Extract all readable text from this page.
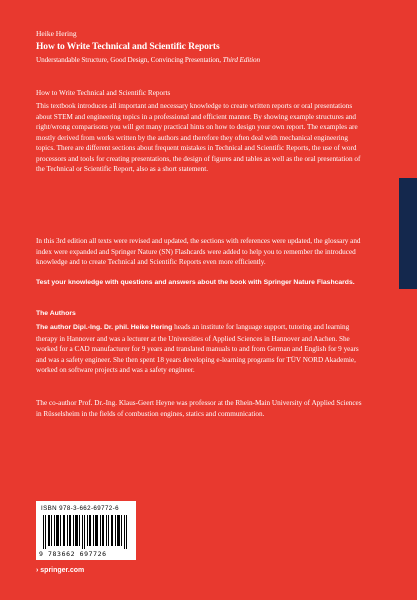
Heike Hering
How to Write Technical and Scientific Reports
Understandable Structure, Good Design, Convincing Presentation, Third Edition
How to Write Technical and Scientific Reports

This textbook introduces all important and necessary knowledge to create written reports or oral presentations about STEM and engineering topics in a professional and efficient manner. By showing example structures and right/wrong comparisons you will get many practical hints on how to design your own report. The examples are mostly derived from works written by the authors and therefore they often deal with mechanical engineering topics. There are different sections about frequent mistakes in Technical and Scientific Reports, the use of word processors and tools for creating presentations, the design of figures and tables as well as the oral presentation of the Technical or Scientific Report, also as a short statement.

In this 3rd edition all texts were revised and updated, the sections with references were updated, the glossary and index were expanded and Springer Nature (SN) Flashcards were added to help you to remember the introduced knowledge and to create Technical and Scientific Reports even more efficiently.

Test your knowledge with questions and answers about the book with Springer Nature Flashcards.

The Authors

The author Dipl.-Ing. Dr. phil. Heike Hering heads an institute for language support, tutoring and learning therapy in Hannover and was a lecturer at the Universities of Applied Sciences in Hannover and Aachen. She worked for a CAD manufacturer for 9 years and translated manuals to and from German and English for 9 years and was a safety engineer. She then spent 18 years developing e-learning programs for TÜV NORD Akademie, worked on software projects and was a safety engineer.

The co-author Prof. Dr.-Ing. Klaus-Geert Heyne was professor at the Rhein-Main University of Applied Sciences in Rüsselsheim in the fields of combustion engines, statics and communication.

ISBN 978-3-662-69772-6
9 783662 697726
› springer.com
